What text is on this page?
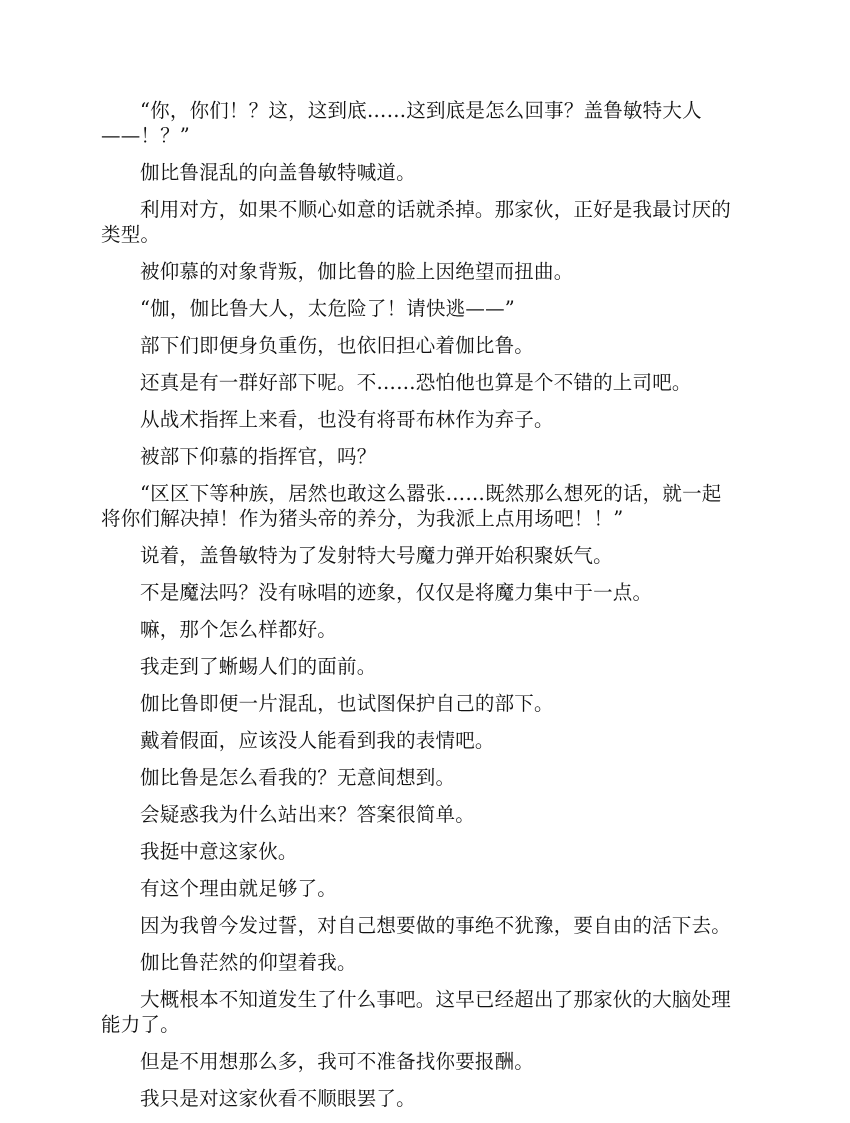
“你，你们！？这，这到底……这到底是怎么回事？盖鲁敏特大人——！？”

伽比鲁混乱的向盖鲁敏特喊道。

利用对方，如果不顺心如意的话就杀掉。那家伙，正好是我最讨厌的类型。

被仰慕的对象背叛，伽比鲁的脸上因绝望而扭曲。

“伽，伽比鲁大人，太危险了！请快逃——”

部下们即便身负重伤，也依旧担心着伽比鲁。

还真是有一群好部下呢。不……恐怕他也算是个不错的上司吧。

从战术指挥上来看，也没有将哥布林作为弃子。

被部下仰慕的指挥官，吗？

“区区下等种族，居然也敢这么嚣张……既然那么想死的话，就一起将你们解决掉！作为猪头帝的养分，为我派上点用场吧！！”

说着，盖鲁敏特为了发射特大号魔力弹开始积聚妖气。

不是魔法吗？没有咏唱的迹象，仅仅是将魔力集中于一点。

嘛，那个怎么样都好。

我走到了蜥蜴人们的面前。

伽比鲁即便一片混乱，也试图保护自己的部下。

戴着假面，应该没人能看到我的表情吧。

伽比鲁是怎么看我的？无意间想到。

会疑惑我为什么站出来？答案很简单。

我挺中意这家伙。

有这个理由就足够了。

因为我曾今发过誓，对自己想要做的事绝不犹豫，要自由的活下去。

伽比鲁茫然的仰望着我。

大概根本不知道发生了什么事吧。这早已经超出了那家伙的大脑处理能力了。

但是不用想那么多，我可不准备找你要报酬。

我只是对这家伙看不顺眼罢了。
